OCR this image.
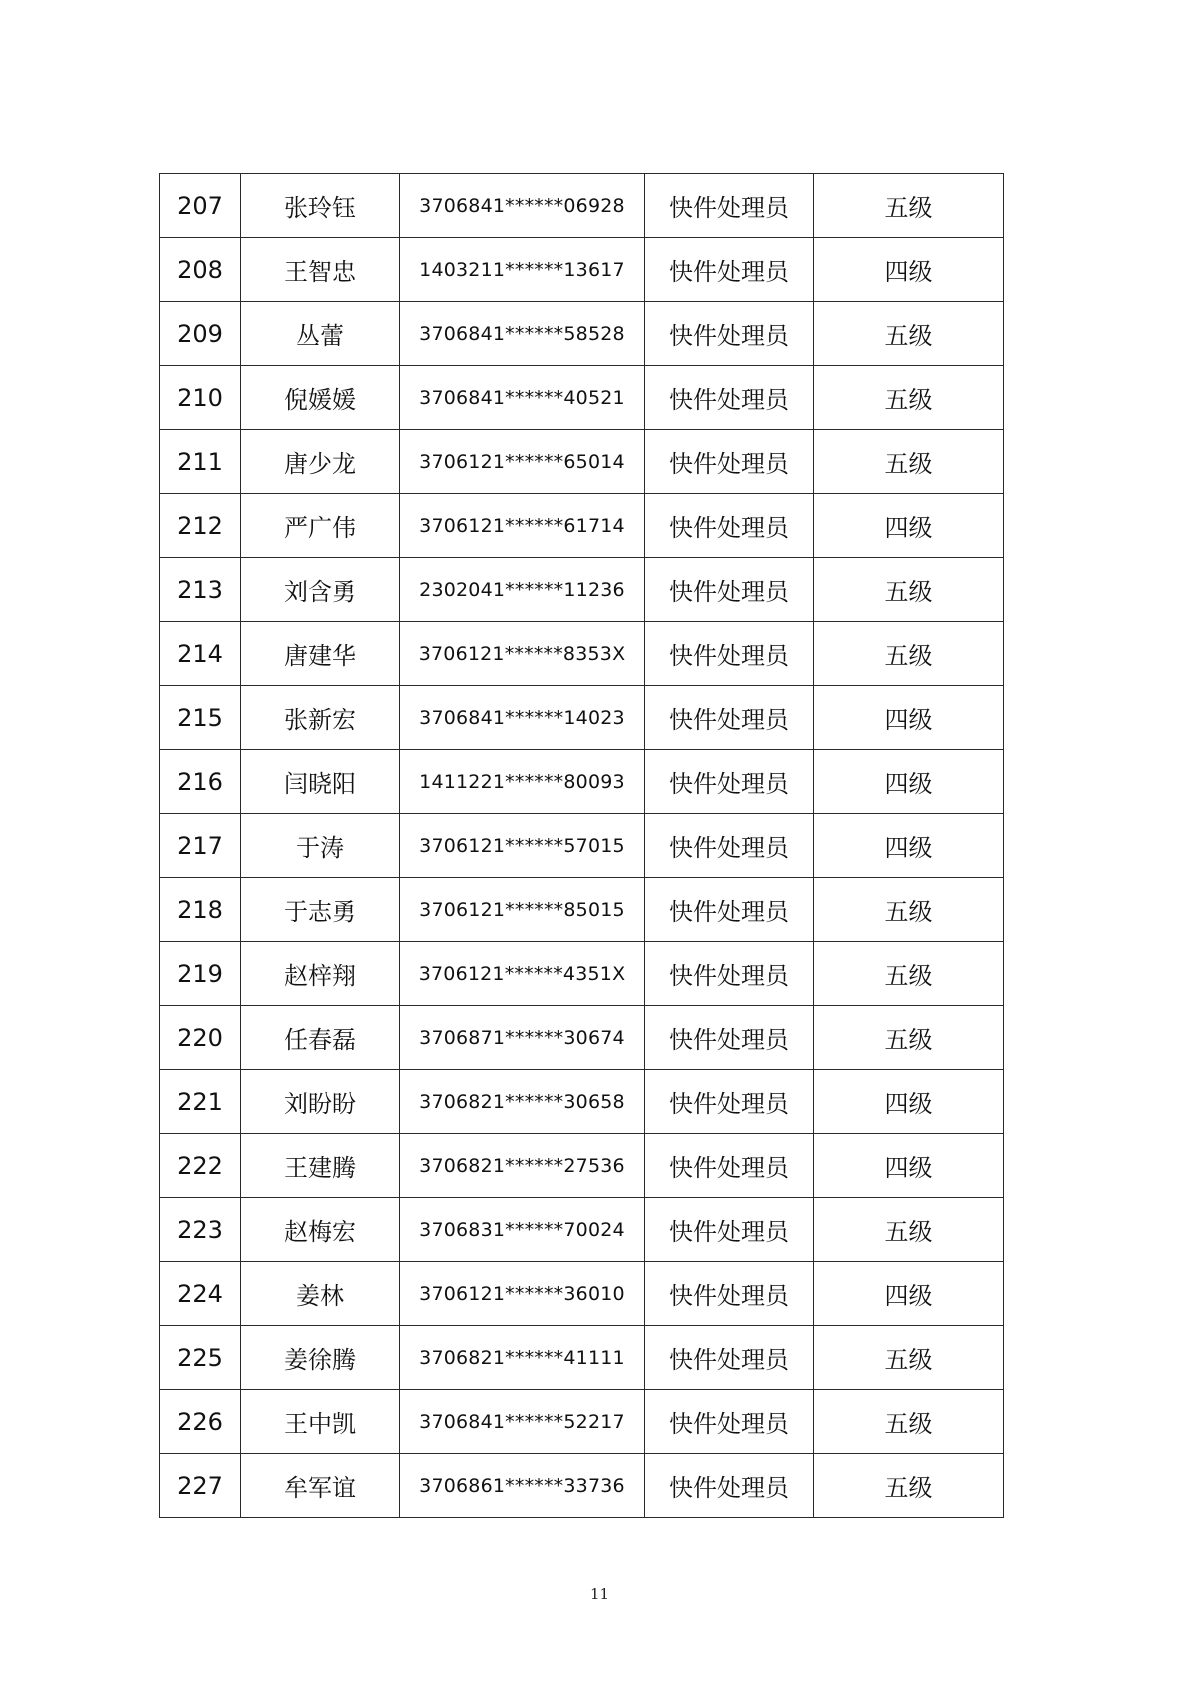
207	张玲钰	3706841******06928	快件处理员	五级
208	王智忠	1403211******13617	快件处理员	四级
209	丛蕾	3706841******58528	快件处理员	五级
210	倪媛媛	3706841******40521	快件处理员	五级
211	唐少龙	3706121******65014	快件处理员	五级
212	严广伟	3706121******61714	快件处理员	四级
213	刘含勇	2302041******11236	快件处理员	五级
214	唐建华	3706121******8353X	快件处理员	五级
215	张新宏	3706841******14023	快件处理员	四级
216	闫晓阳	1411221******80093	快件处理员	四级
217	于涛	3706121******57015	快件处理员	四级
218	于志勇	3706121******85015	快件处理员	五级
219	赵梓翔	3706121******4351X	快件处理员	五级
220	任春磊	3706871******30674	快件处理员	五级
221	刘盼盼	3706821******30658	快件处理员	四级
222	王建腾	3706821******27536	快件处理员	四级
223	赵梅宏	3706831******70024	快件处理员	五级
224	姜林	3706121******36010	快件处理员	四级
225	姜徐腾	3706821******41111	快件处理员	五级
226	王中凯	3706841******52217	快件处理员	五级
227	牟军谊	3706861******33736	快件处理员	五级
11
